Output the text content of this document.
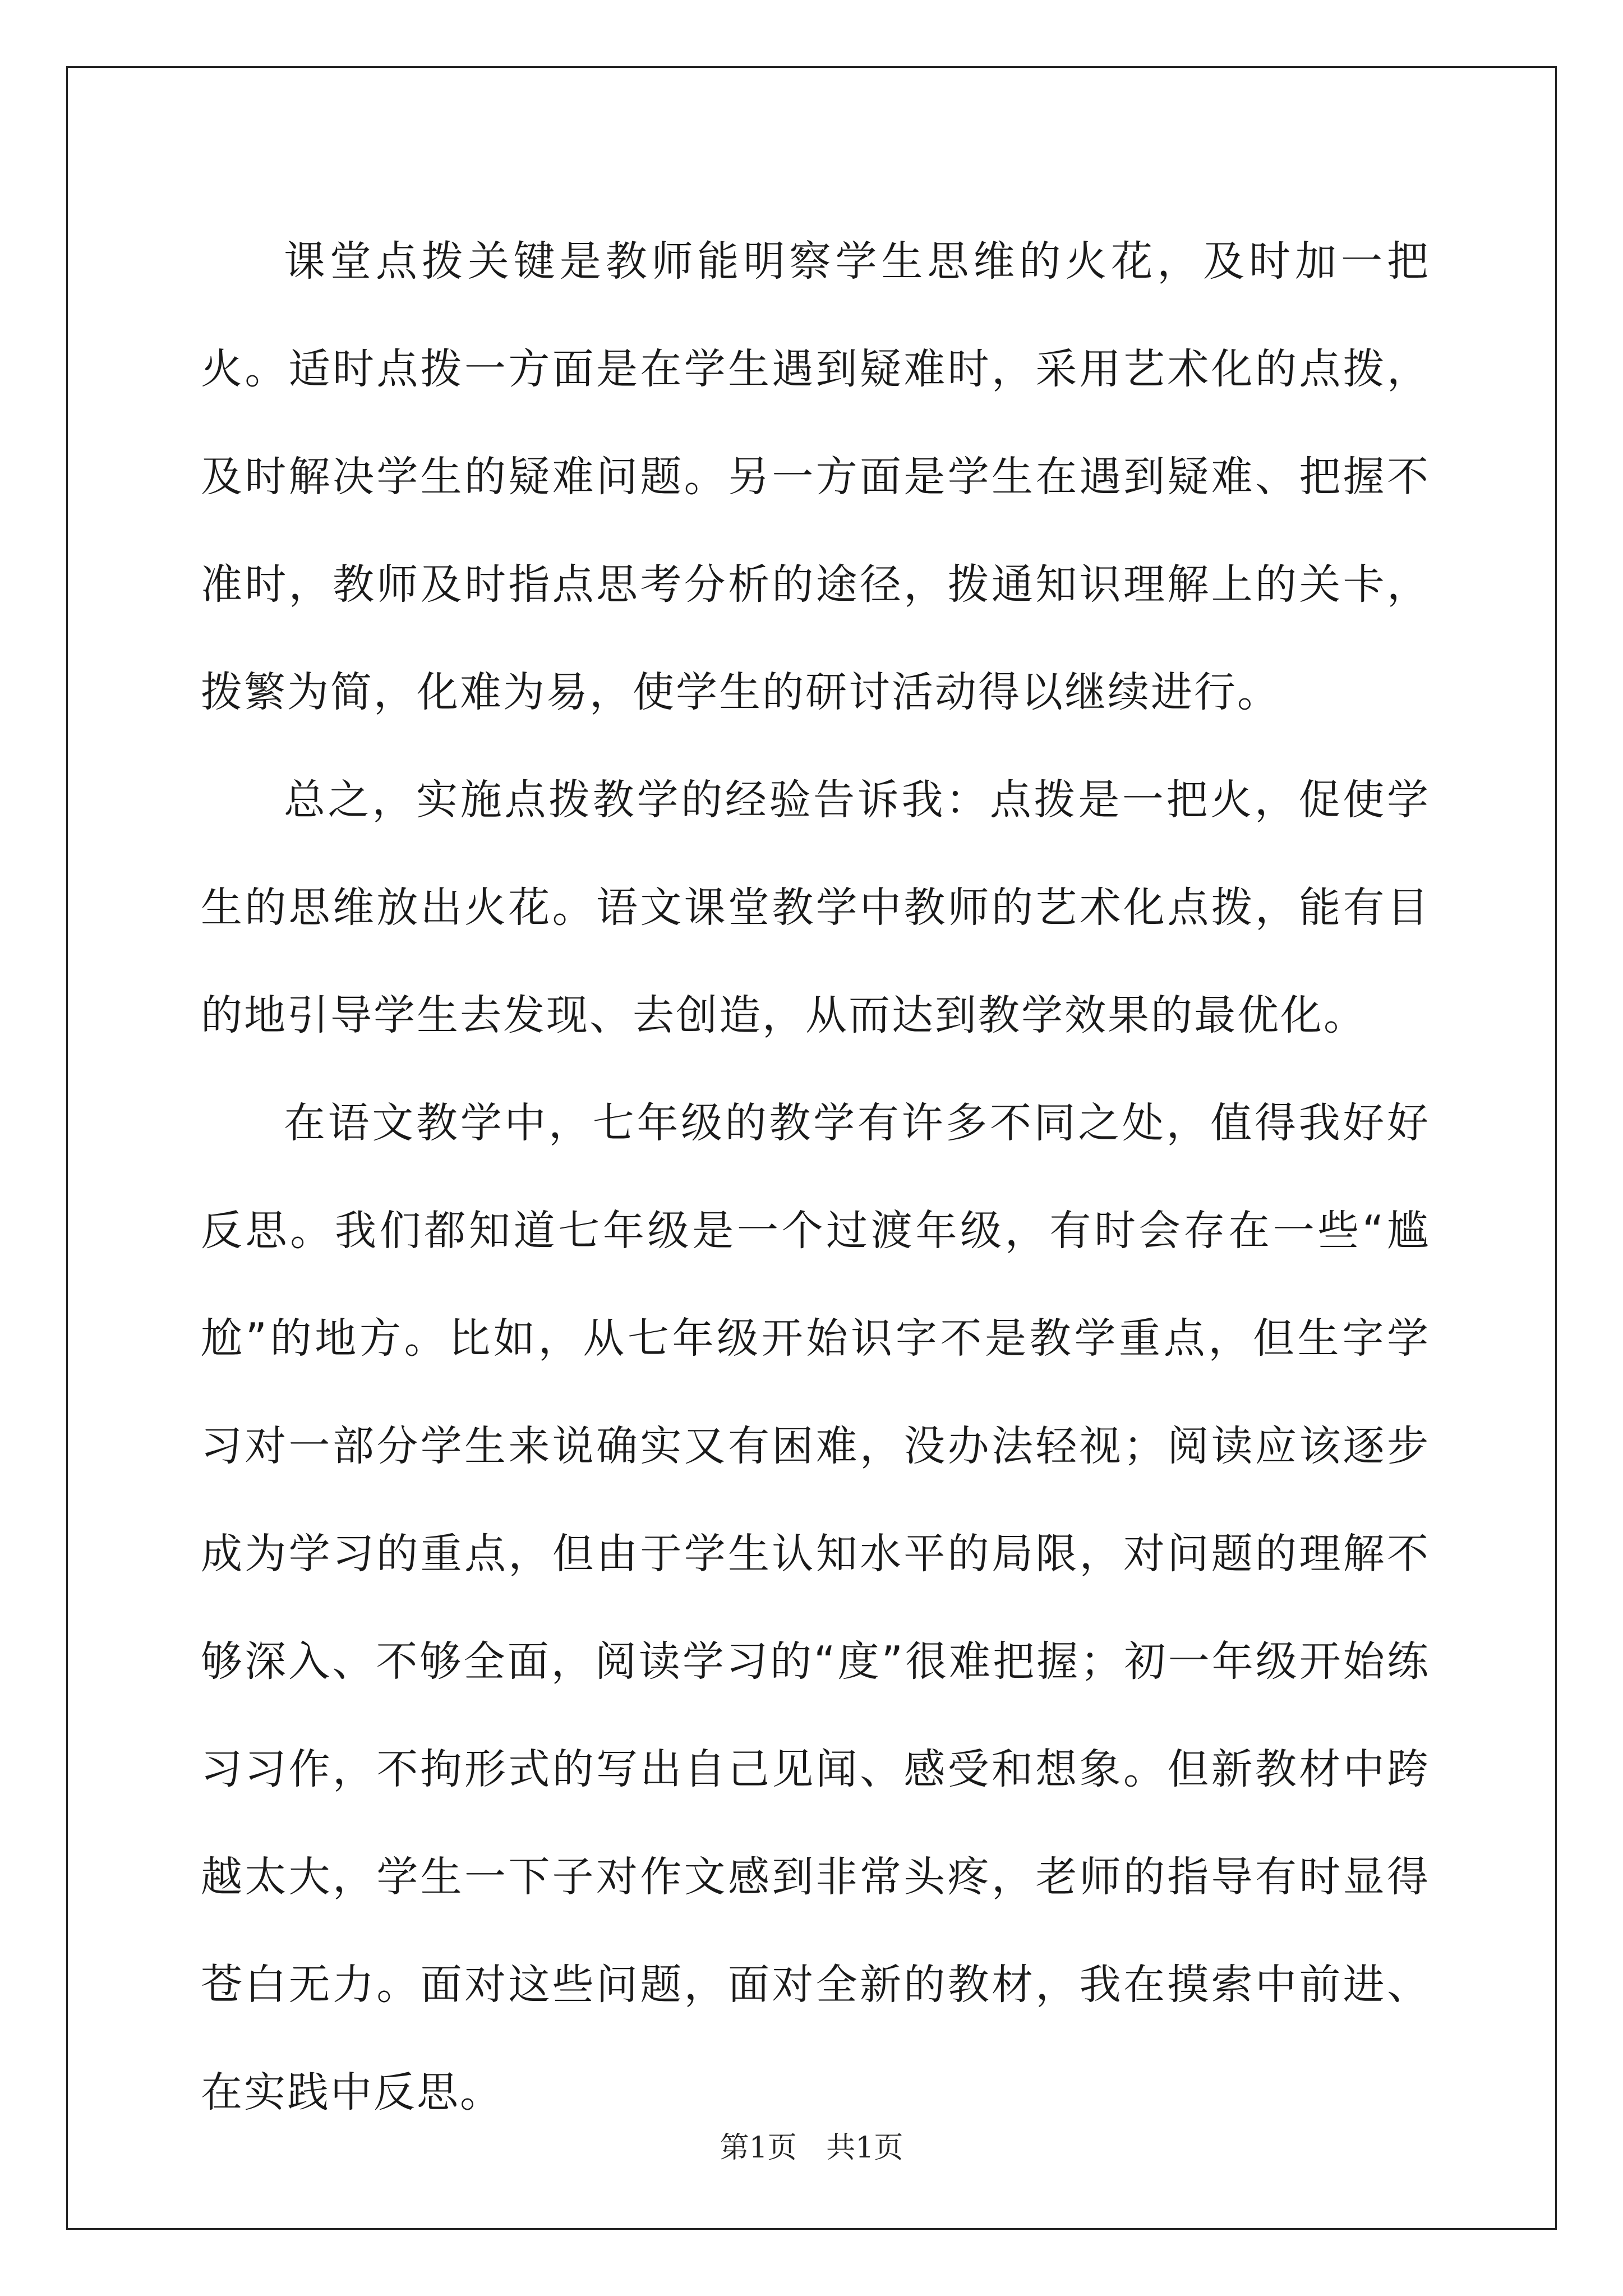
课堂点拨关键是教师能明察学生思维的火花，及时加一把火。适时点拨一方面是在学生遇到疑难时，采用艺术化的点拨，及时解决学生的疑难问题。另一方面是学生在遇到疑难、把握不准时，教师及时指点思考分析的途径，拨通知识理解上的关卡，拨繁为简，化难为易，使学生的研讨活动得以继续进行。

总之，实施点拨教学的经验告诉我：点拨是一把火，促使学生的思维放出火花。语文课堂教学中教师的艺术化点拨，能有目的地引导学生去发现、去创造，从而达到教学效果的最优化。

在语文教学中，七年级的教学有许多不同之处，值得我好好反思。我们都知道七年级是一个过渡年级，有时会存在一些“尴尬”的地方。比如，从七年级开始识字不是教学重点，但生字学习对一部分学生来说确实又有困难，没办法轻视；阅读应该逐步成为学习的重点，但由于学生认知水平的局限，对问题的理解不够深入、不够全面，阅读学习的“度”很难把握；初一年级开始练习习作，不拘形式的写出自己见闻、感受和想象。但新教材中跨越太大，学生一下子对作文感到非常头疼，老师的指导有时显得苍白无力。面对这些问题，面对全新的教材，我在摸索中前进、在实践中反思。

第1页 共1页
